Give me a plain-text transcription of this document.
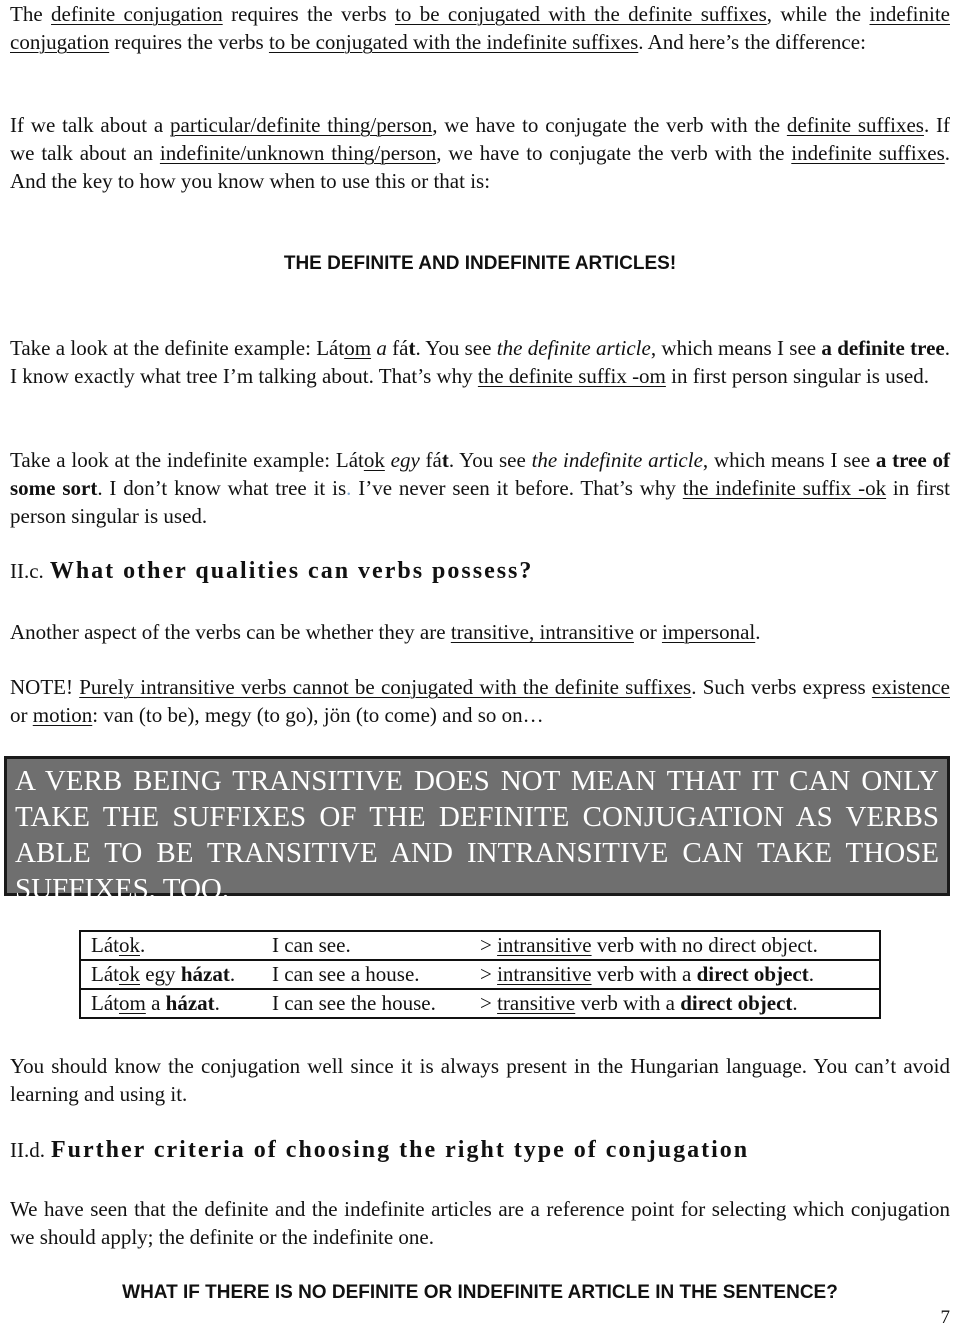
The definite conjugation requires the verbs to be conjugated with the definite suffixes, while the indefinite conjugation requires the verbs to be conjugated with the indefinite suffixes. And here’s the difference:

If we talk about a particular/definite thing/person, we have to conjugate the verb with the definite suffixes. If we talk about an indefinite/unknown thing/person, we have to conjugate the verb with the indefinite suffixes. And the key to how you know when to use this or that is:

THE DEFINITE AND INDEFINITE ARTICLES!

Take a look at the definite example: Látom a fát. You see the definite article, which means I see a definite tree. I know exactly what tree I’m talking about. That’s why the definite suffix -om in first person singular is used.

Take a look at the indefinite example: Látok egy fát. You see the indefinite article, which means I see a tree of some sort. I don’t know what tree it is. I’ve never seen it before. That’s why the indefinite suffix -ok in first person singular is used.

II.c. What other qualities can verbs possess?

Another aspect of the verbs can be whether they are transitive, intransitive or impersonal.

NOTE! Purely intransitive verbs cannot be conjugated with the definite suffixes. Such verbs express existence or motion: van (to be), megy (to go), jön (to come) and so on…

A VERB BEING TRANSITIVE DOES NOT MEAN THAT IT CAN ONLY TAKE THE SUFFIXES OF THE DEFINITE CONJUGATION AS VERBS ABLE TO BE TRANSITIVE AND INTRANSITIVE CAN TAKE THOSE SUFFIXES, TOO.
Látok.	I can see.	> intransitive verb with no direct object.
Látok egy házat.	I can see a house.	> intransitive verb with a direct object.
Látom a házat.	I can see the house.	> transitive verb with a direct object.

You should know the conjugation well since it is always present in the Hungarian language. You can’t avoid learning and using it.

II.d. Further criteria of choosing the right type of conjugation

We have seen that the definite and the indefinite articles are a reference point for selecting which conjugation we should apply; the definite or the indefinite one.

WHAT IF THERE IS NO DEFINITE OR INDEFINITE ARTICLE IN THE SENTENCE?
7
